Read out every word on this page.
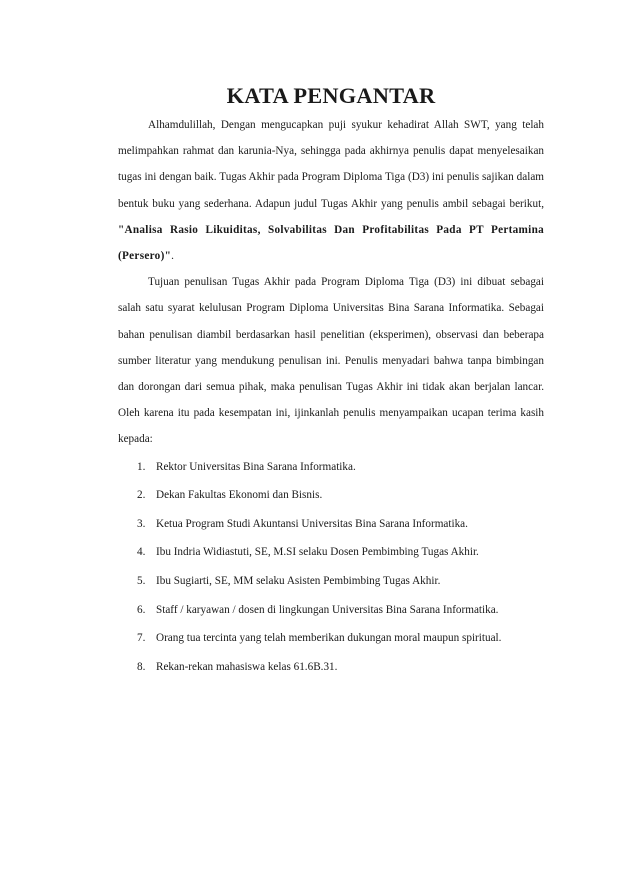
KATA PENGANTAR

Alhamdulillah, Dengan mengucapkan puji syukur kehadirat Allah SWT, yang telah melimpahkan rahmat dan karunia-Nya, sehingga pada akhirnya penulis dapat menyelesaikan tugas ini dengan baik. Tugas Akhir pada Program Diploma Tiga (D3) ini penulis sajikan dalam bentuk buku yang sederhana. Adapun judul Tugas Akhir yang penulis ambil sebagai berikut, "Analisa Rasio Likuiditas, Solvabilitas Dan Profitabilitas Pada PT Pertamina (Persero)".

Tujuan penulisan Tugas Akhir pada Program Diploma Tiga (D3) ini dibuat sebagai salah satu syarat kelulusan Program Diploma Universitas Bina Sarana Informatika. Sebagai bahan penulisan diambil berdasarkan hasil penelitian (eksperimen), observasi dan beberapa sumber literatur yang mendukung penulisan ini. Penulis menyadari bahwa tanpa bimbingan dan dorongan dari semua pihak, maka penulisan Tugas Akhir ini tidak akan berjalan lancar. Oleh karena itu pada kesempatan ini, ijinkanlah penulis menyampaikan ucapan terima kasih kepada:

1. Rektor Universitas Bina Sarana Informatika.
2. Dekan Fakultas Ekonomi dan Bisnis.
3. Ketua Program Studi Akuntansi Universitas Bina Sarana Informatika.
4. Ibu Indria Widiastuti, SE, M.SI selaku Dosen Pembimbing Tugas Akhir.
5. Ibu Sugiarti, SE, MM selaku Asisten Pembimbing Tugas Akhir.
6. Staff / karyawan / dosen di lingkungan Universitas Bina Sarana Informatika.
7. Orang tua tercinta yang telah memberikan dukungan moral maupun spiritual.
8. Rekan-rekan mahasiswa kelas 61.6B.31.
